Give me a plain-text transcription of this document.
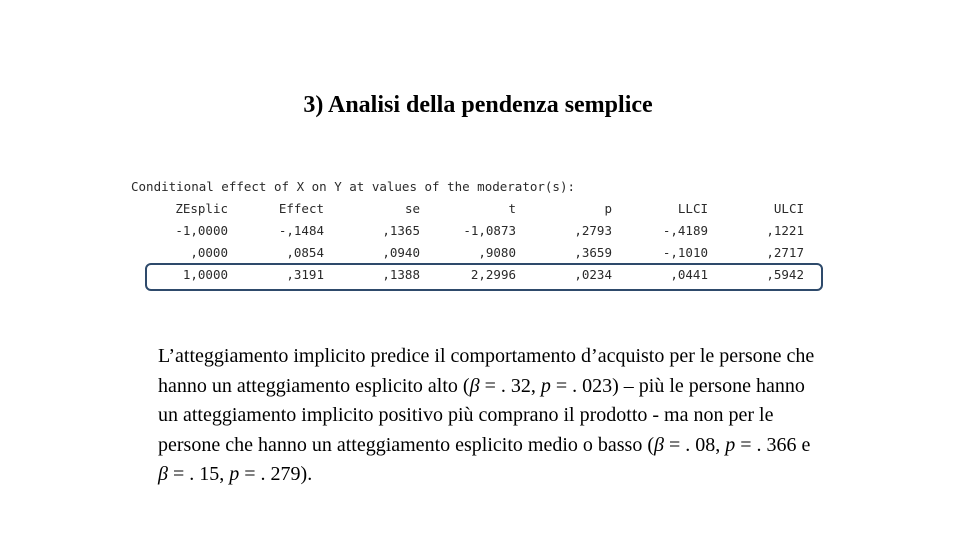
3) Analisi della pendenza semplice
Conditional effect of X on Y at values of the moderator(s):
ZEsplic	Effect	se	t	p	LLCI	ULCI
-1,0000	-,1484	,1365	-1,0873	,2793	-,4189	,1221
,0000	,0854	,0940	,9080	,3659	-,1010	,2717
1,0000	,3191	,1388	2,2996	,0234	,0441	,5942
L’atteggiamento implicito predice il comportamento d’acquisto per le persone che hanno un atteggiamento esplicito alto (β = . 32, p = . 023) – più le persone hanno un atteggiamento implicito positivo più comprano il prodotto - ma non per le persone che hanno un atteggiamento esplicito medio o basso (β = . 08, p = . 366 e β = . 15, p = . 279).
